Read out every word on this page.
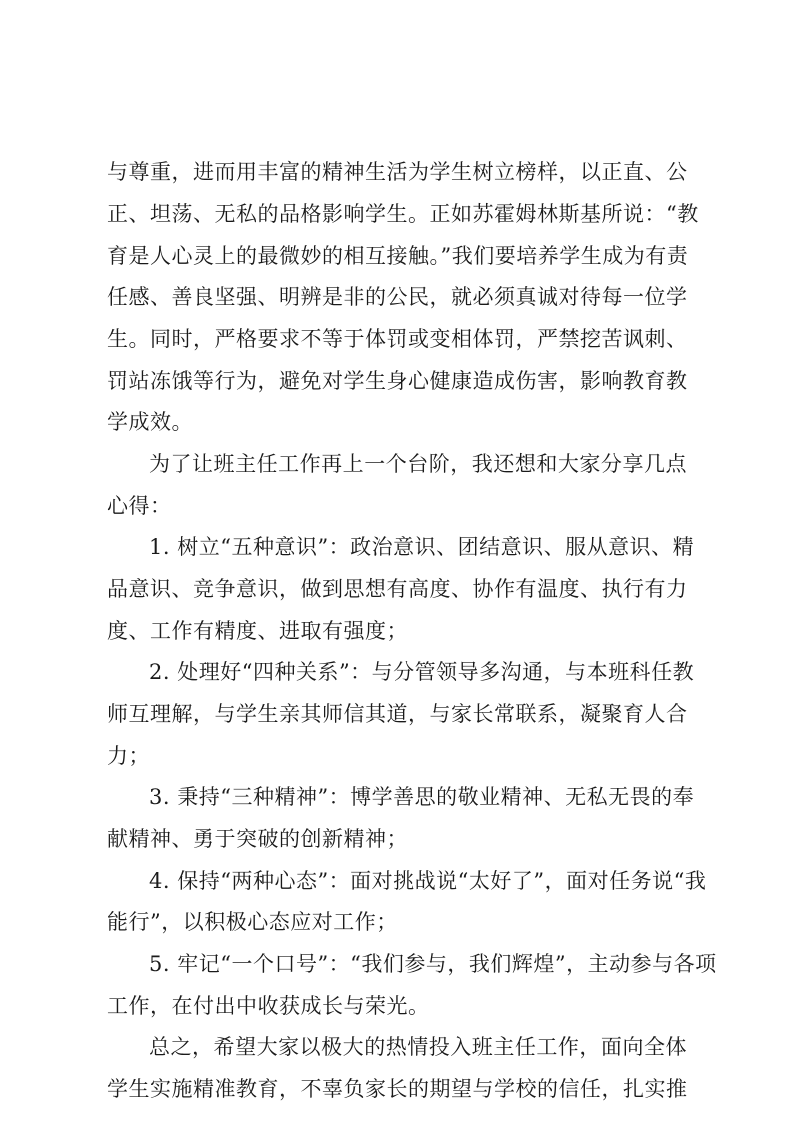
与尊重，进而用丰富的精神生活为学生树立榜样，以正直、公
正、坦荡、无私的品格影响学生。正如苏霍姆林斯基所说：“教
育是人心灵上的最微妙的相互接触。”我们要培养学生成为有责
任感、善良坚强、明辨是非的公民，就必须真诚对待每一位学
生。同时，严格要求不等于体罚或变相体罚，严禁挖苦讽刺、
罚站冻饿等行为，避免对学生身心健康造成伤害，影响教育教
学成效。
为了让班主任工作再上一个台阶，我还想和大家分享几点
心得：
1. 树立“五种意识”：政治意识、团结意识、服从意识、精
品意识、竞争意识，做到思想有高度、协作有温度、执行有力
度、工作有精度、进取有强度；
2. 处理好“四种关系”：与分管领导多沟通，与本班科任教
师互理解，与学生亲其师信其道，与家长常联系，凝聚育人合
力；
3. 秉持“三种精神”：博学善思的敬业精神、无私无畏的奉
献精神、勇于突破的创新精神；
4. 保持“两种心态”：面对挑战说“太好了”，面对任务说“我
能行”，以积极心态应对工作；
5. 牢记“一个口号”：“我们参与，我们辉煌”，主动参与各项
工作，在付出中收获成长与荣光。
总之，希望大家以极大的热情投入班主任工作，面向全体
学生实施精准教育，不辜负家长的期望与学校的信任，扎实推
